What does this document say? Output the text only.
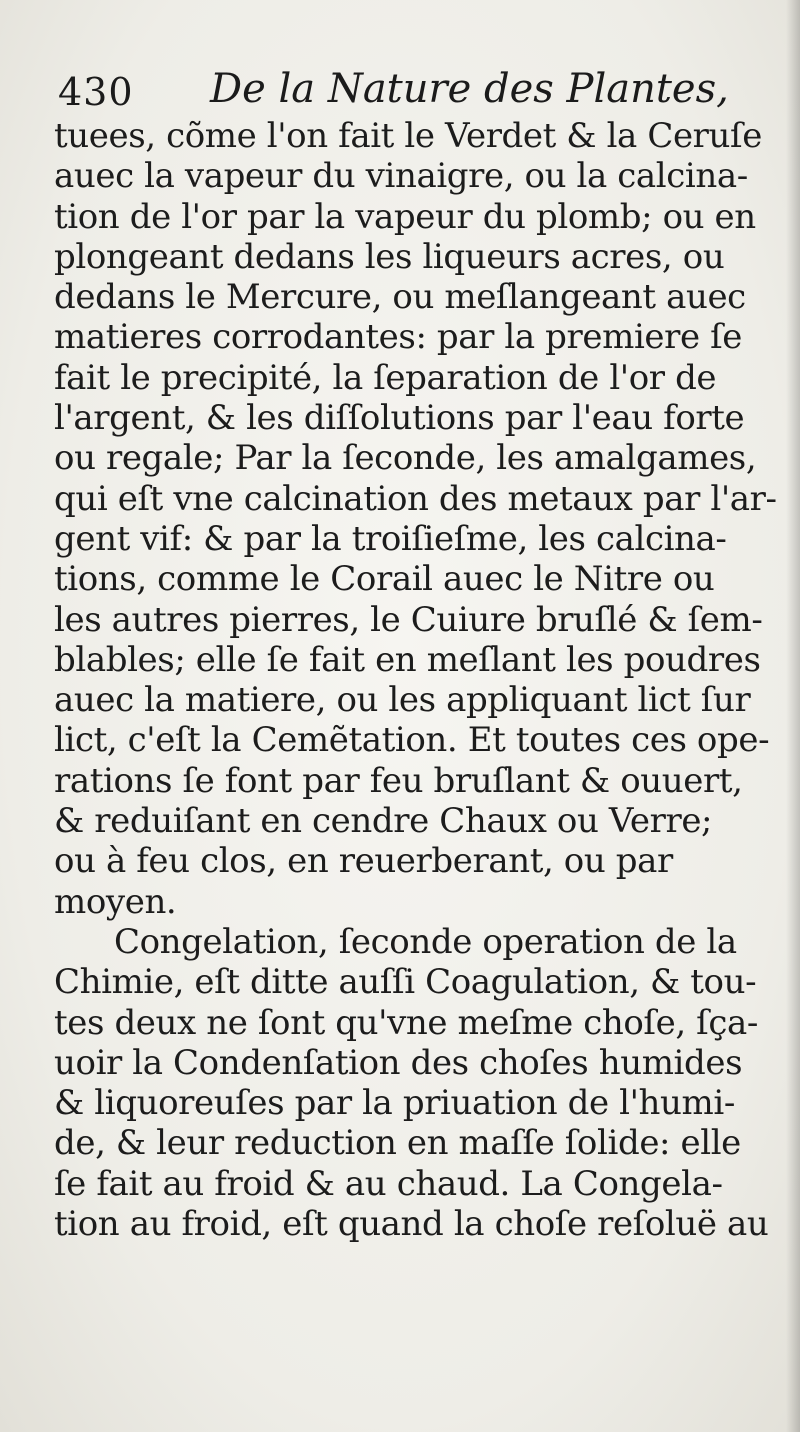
430 De la Nature des Plantes,
tuees, cõme l'on fait le Verdet & la Ceruſe
auec la vapeur du vinaigre, ou la calcina-
tion de l'or par la vapeur du plomb; ou en
plongeant dedans les liqueurs acres, ou
dedans le Mercure, ou meſlangeant auec
matieres corrodantes: par la premiere ſe
fait le precipité, la ſeparation de l'or de
l'argent, & les diſſolutions par l'eau forte
ou regale; Par la ſeconde, les amalgames,
qui eſt vne calcination des metaux par l'ar-
gent vif: & par la troiſieſme, les calcina-
tions, comme le Corail auec le Nitre ou
les autres pierres, le Cuiure bruſlé & ſem-
blables; elle ſe fait en meſlant les poudres
auec la matiere, ou les appliquant lict ſur
lict, c'eſt la Cemẽtation. Et toutes ces ope-
rations ſe font par feu bruſlant & ouuert,
& reduiſant en cendre Chaux ou Verre;
ou à feu clos, en reuerberant, ou par
moyen.
Congelation, ſeconde operation de la
Chimie, eſt ditte auſſi Coagulation, & tou-
tes deux ne ſont qu'vne meſme choſe, ſça-
uoir la Condenſation des choſes humides
& liquoreuſes par la priuation de l'humi-
de, & leur reduction en maſſe ſolide: elle
ſe fait au froid & au chaud. La Congela-
tion au froid, eſt quand la choſe reſoluë au
